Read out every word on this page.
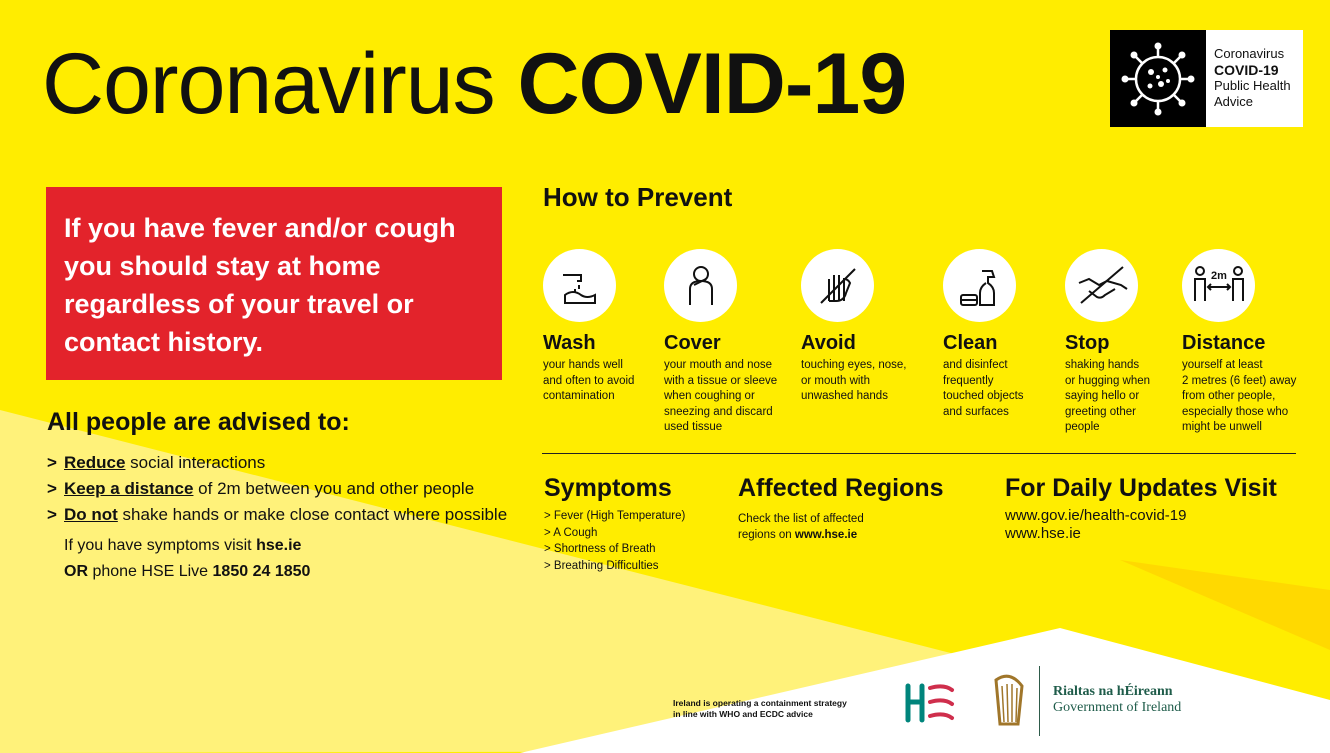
Coronavirus COVID-19	Coronavirus
COVID-19
Public Health
Advice
If you have fever and/or cough
you should stay at home
regardless of your travel or
contact history.
All people are advised to:
> Reduce social interactions
> Keep a distance of 2m between you and other people
> Do not shake hands or make close contact where possible
If you have symptoms visit hse.ie
OR phone HSE Live 1850 24 1850
How to Prevent
Wash
your hands well
and often to avoid
contamination
Cover
your mouth and nose
with a tissue or sleeve
when coughing or
sneezing and discard
used tissue
Avoid
touching eyes, nose,
or mouth with
unwashed hands
Clean
and disinfect
frequently
touched objects
and surfaces
Stop
shaking hands
or hugging when
saying hello or
greeting other
people
2m
Distance
yourself at least
2 metres (6 feet) away
from other people,
especially those who
might be unwell
Symptoms
> Fever (High Temperature)
> A Cough
> Shortness of Breath
> Breathing Difficulties
Affected Regions
Check the list of affected
regions on www.hse.ie
For Daily Updates Visit
www.gov.ie/health-covid-19
www.hse.ie
Ireland is operating a containment strategy
in line with WHO and ECDC advice
Rialtas na hÉireann
Government of Ireland
